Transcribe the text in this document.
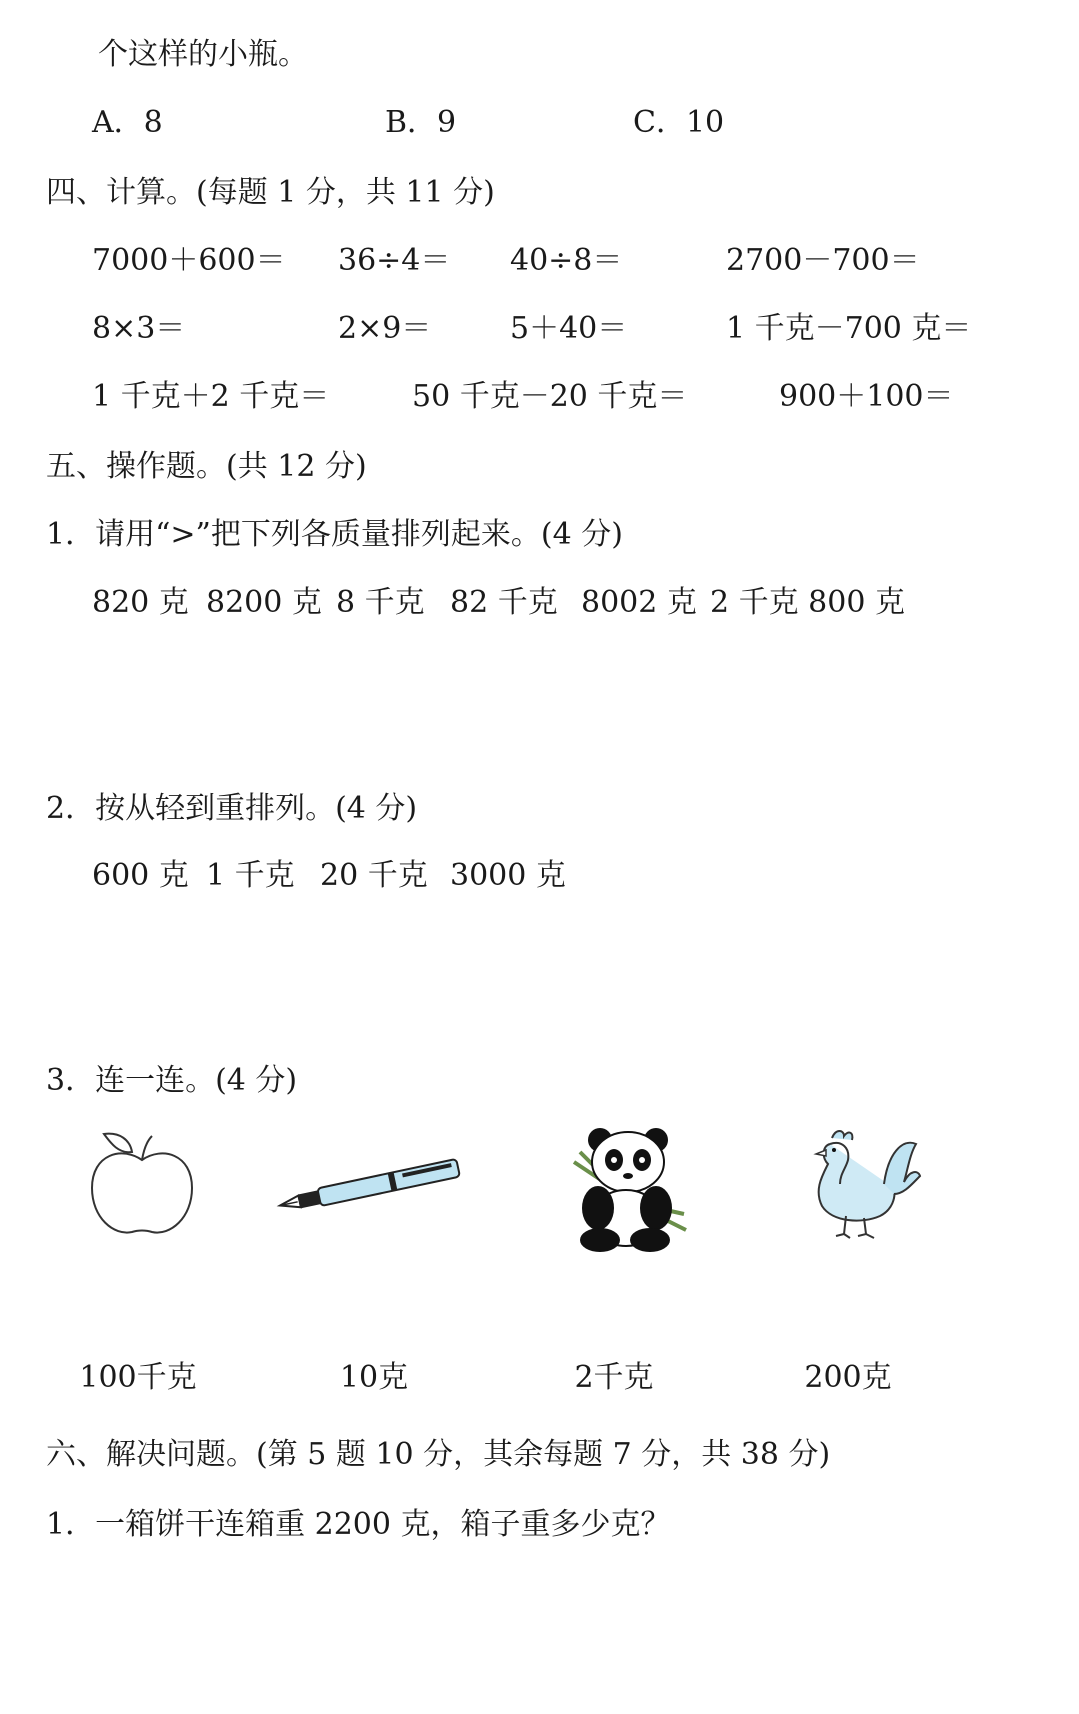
个这样的小瓶。
A．8	B．9	C．10
四、计算。(每题 1 分，共 11 分)
7000＋600＝ 36÷4＝ 40÷8＝	2700－700＝
8×3＝	2×9＝	5＋40＝	1 千克－700 克＝
1 千克＋2 千克＝	50 千克－20 千克＝	900＋100＝
五、操作题。(共 12 分)
1．请用“>”把下列各质量排列起来。(4 分)
820 克 8200 克 8 千克 82 千克 8002 克 2 千克 800 克
2．按从轻到重排列。(4 分)
600 克 1 千克 20 千克 3000 克
3．连一连。(4 分)
100千克	10克	2千克	200克
六、解决问题。(第 5 题 10 分，其余每题 7 分，共 38 分)
1．一箱饼干连箱重 2200 克，箱子重多少克？
